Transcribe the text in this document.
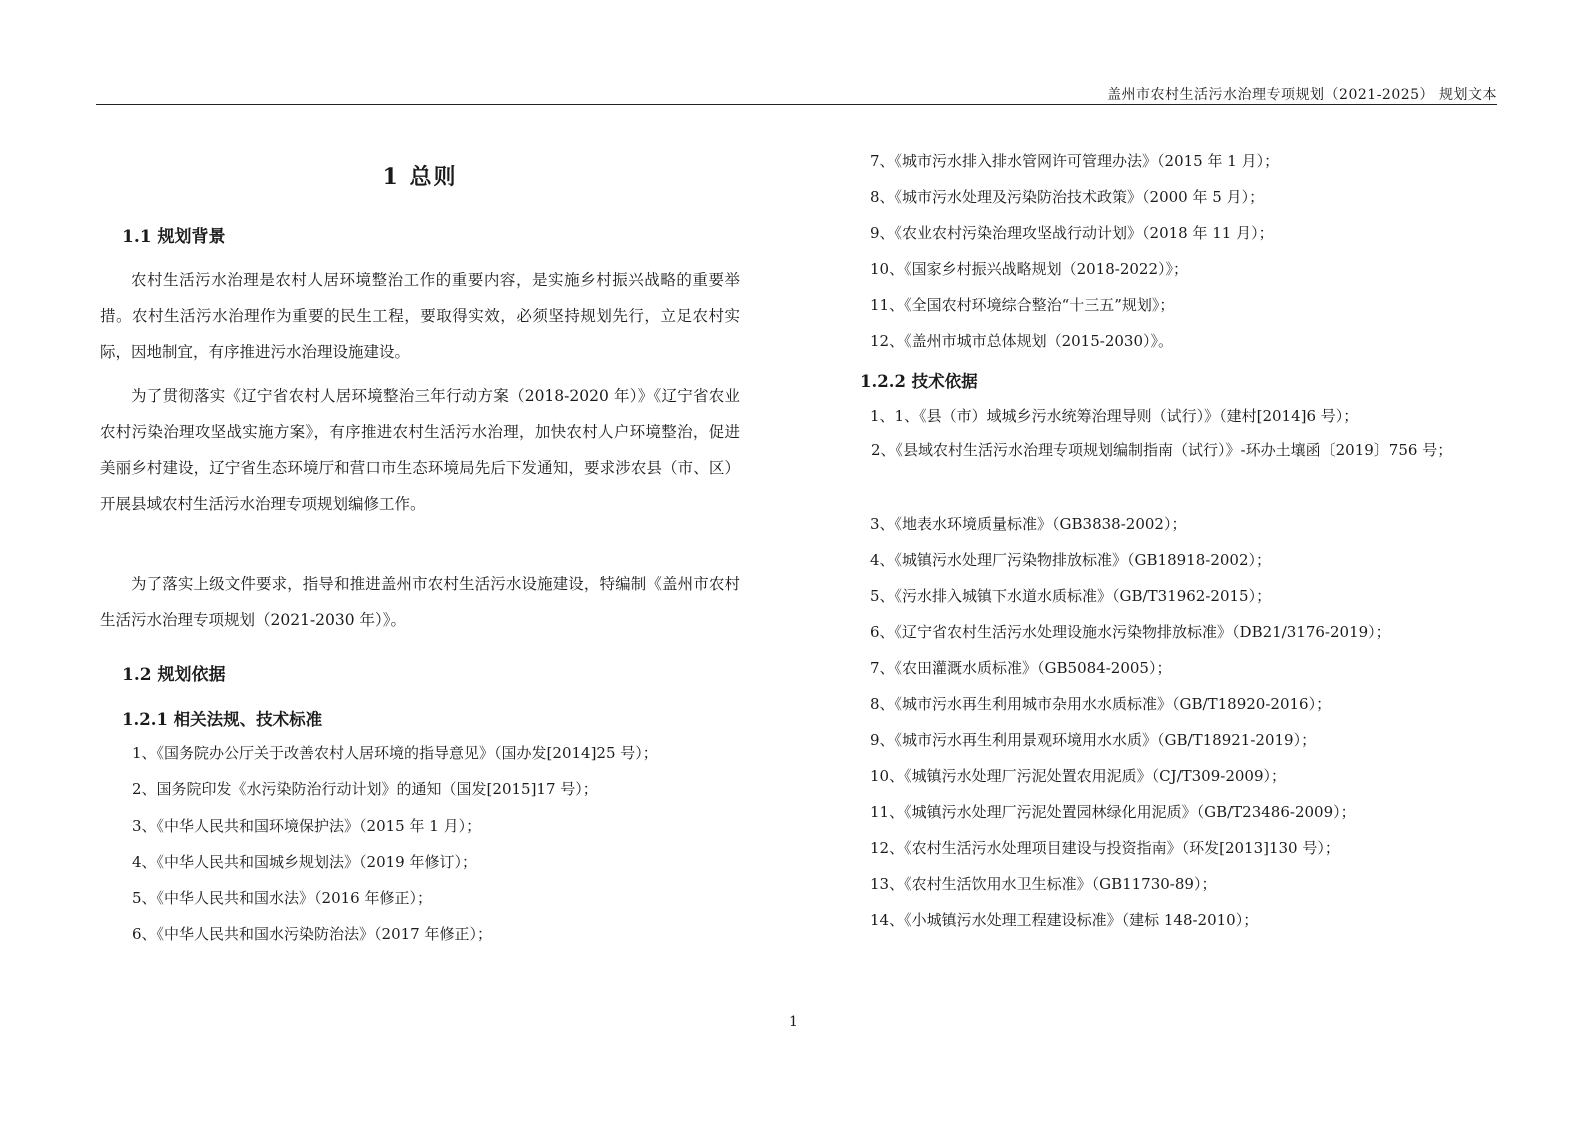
盖州市农村生活污水治理专项规划（2021-2025） 规划文本
1 总则
1.1 规划背景
农村生活污水治理是农村人居环境整治工作的重要内容，是实施乡村振兴战略的重要举措。农村生活污水治理作为重要的民生工程，要取得实效，必须坚持规划先行，立足农村实际，因地制宜，有序推进污水治理设施建设。
为了贯彻落实《辽宁省农村人居环境整治三年行动方案（2018-2020 年）》《辽宁省农业农村污染治理攻坚战实施方案》，有序推进农村生活污水治理，加快农村人户环境整治，促进美丽乡村建设，辽宁省生态环境厅和营口市生态环境局先后下发通知，要求涉农县（市、区）开展县域农村生活污水治理专项规划编修工作。
为了落实上级文件要求，指导和推进盖州市农村生活污水设施建设，特编制《盖州市农村生活污水治理专项规划（2021-2030 年）》。
1.2 规划依据
1.2.1 相关法规、技术标准
1、《国务院办公厅关于改善农村人居环境的指导意见》（国办发[2014]25 号）；
2、国务院印发《水污染防治行动计划》的通知（国发[2015]17 号）；
3、《中华人民共和国环境保护法》（2015 年 1 月）；
4、《中华人民共和国城乡规划法》（2019 年修订）；
5、《中华人民共和国水法》（2016 年修正）；
6、《中华人民共和国水污染防治法》（2017 年修正）；
7、《城市污水排入排水管网许可管理办法》（2015 年 1 月）；
8、《城市污水处理及污染防治技术政策》（2000 年 5 月）；
9、《农业农村污染治理攻坚战行动计划》（2018 年 11 月）；
10、《国家乡村振兴战略规划（2018-2022）》；
11、《全国农村环境综合整治“十三五”规划》；
12、《盖州市城市总体规划（2015-2030）》。
1.2.2 技术依据
1、1、《县（市）域城乡污水统筹治理导则（试行）》（建村[2014]6 号）；
2、《县域农村生活污水治理专项规划编制指南（试行）》-环办土壤函〔2019〕756 号；
3、《地表水环境质量标准》（GB3838-2002）；
4、《城镇污水处理厂污染物排放标准》（GB18918-2002）；
5、《污水排入城镇下水道水质标准》（GB/T31962-2015）；
6、《辽宁省农村生活污水处理设施水污染物排放标准》（DB21/3176-2019）；
7、《农田灌溉水质标准》（GB5084-2005）；
8、《城市污水再生利用城市杂用水水质标准》（GB/T18920-2016）；
9、《城市污水再生利用景观环境用水水质》（GB/T18921-2019）；
10、《城镇污水处理厂污泥处置农用泥质》（CJ/T309-2009）；
11、《城镇污水处理厂污泥处置园林绿化用泥质》（GB/T23486-2009）；
12、《农村生活污水处理项目建设与投资指南》（环发[2013]130 号）；
13、《农村生活饮用水卫生标准》（GB11730-89）；
14、《小城镇污水处理工程建设标准》（建标 148-2010）；
1
